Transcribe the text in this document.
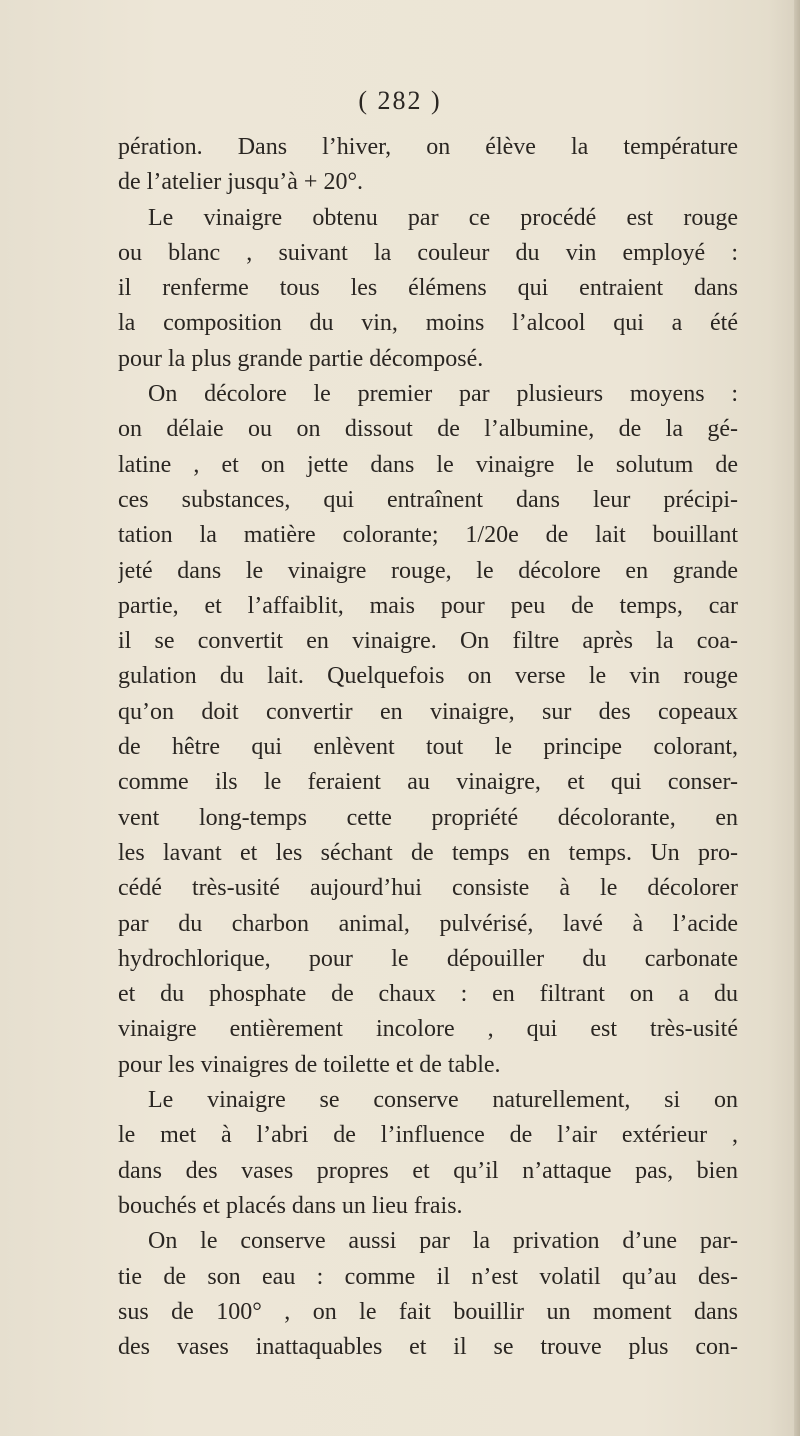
( 282 )
pération. Dans l’hiver, on élève la température
de l’atelier jusqu’à + 20°.
Le vinaigre obtenu par ce procédé est rouge
ou blanc , suivant la couleur du vin employé :
il renferme tous les élémens qui entraient dans
la composition du vin, moins l’alcool qui a été
pour la plus grande partie décomposé.
On décolore le premier par plusieurs moyens :
on délaie ou on dissout de l’albumine, de la gé-
latine , et on jette dans le vinaigre le solutum de
ces substances, qui entraînent dans leur précipi-
tation la matière colorante; 1/20e de lait bouillant
jeté dans le vinaigre rouge, le décolore en grande
partie, et l’affaiblit, mais pour peu de temps, car
il se convertit en vinaigre. On filtre après la coa-
gulation du lait. Quelquefois on verse le vin rouge
qu’on doit convertir en vinaigre, sur des copeaux
de hêtre qui enlèvent tout le principe colorant,
comme ils le feraient au vinaigre, et qui conser-
vent long-temps cette propriété décolorante, en
les lavant et les séchant de temps en temps. Un pro-
cédé très-usité aujourd’hui consiste à le décolorer
par du charbon animal, pulvérisé, lavé à l’acide
hydrochlorique, pour le dépouiller du carbonate
et du phosphate de chaux : en filtrant on a du
vinaigre entièrement incolore , qui est très-usité
pour les vinaigres de toilette et de table.
Le vinaigre se conserve naturellement, si on
le met à l’abri de l’influence de l’air extérieur ,
dans des vases propres et qu’il n’attaque pas, bien
bouchés et placés dans un lieu frais.
On le conserve aussi par la privation d’une par-
tie de son eau : comme il n’est volatil qu’au des-
sus de 100° , on le fait bouillir un moment dans
des vases inattaquables et il se trouve plus con-
